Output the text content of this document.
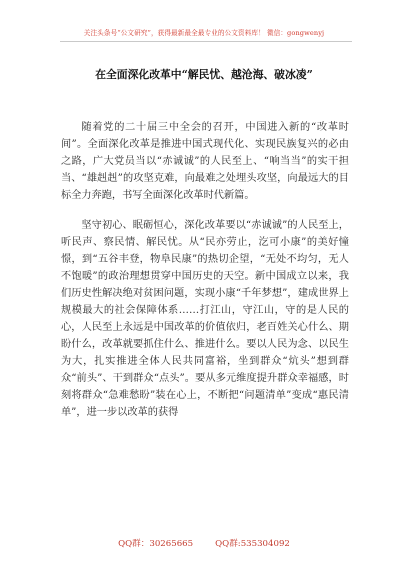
关注头条号“公文研究”，获得最新最全最专业的公文资料库！ 微信：gongwenyj
在全面深化改革中“解民忧、越沧海、破冰凌”

随着党的二十届三中全会的召开，中国进入新的“改革时间”。全面深化改革是推进中国式现代化、实现民族复兴的必由之路，广大党员当以“赤诚诚”的人民至上、“响当当”的实干担当、“雄赳赳”的攻坚克难，向最难之处埋头攻坚，向最远大的目标全力奔跑，书写全面深化改革时代新篇。

坚守初心、眠砺恒心，深化改革要以“赤诚诚”的人民至上，听民声、察民情、解民忧。从“民亦劳止，汔可小康”的美好憧憬，到“五谷丰登，物阜民康”的热切企望，“无处不均匀，无人不饱暖”的政治理想贯穿中国历史的天空。新中国成立以来，我们历史性解决绝对贫困问题，实现小康“千年梦想”，建成世界上规模最大的社会保障体系……打江山，守江山，守的是人民的心，人民至上永远是中国改革的价值依归，老百姓关心什么、期盼什么，改革就要抓住什么、推进什么。要以人民为念、以民生为大，扎实推进全体人民共同富裕，坐到群众“炕头”想到群众“前头”、干到群众“点头”。要从多元维度提升群众幸福感，时刻将群众“急难愁盼”装在心上，不断把“问题清单”变成“惠民清单”，进一步以改革的获得

QQ群：30265665	QQ群:535304092
